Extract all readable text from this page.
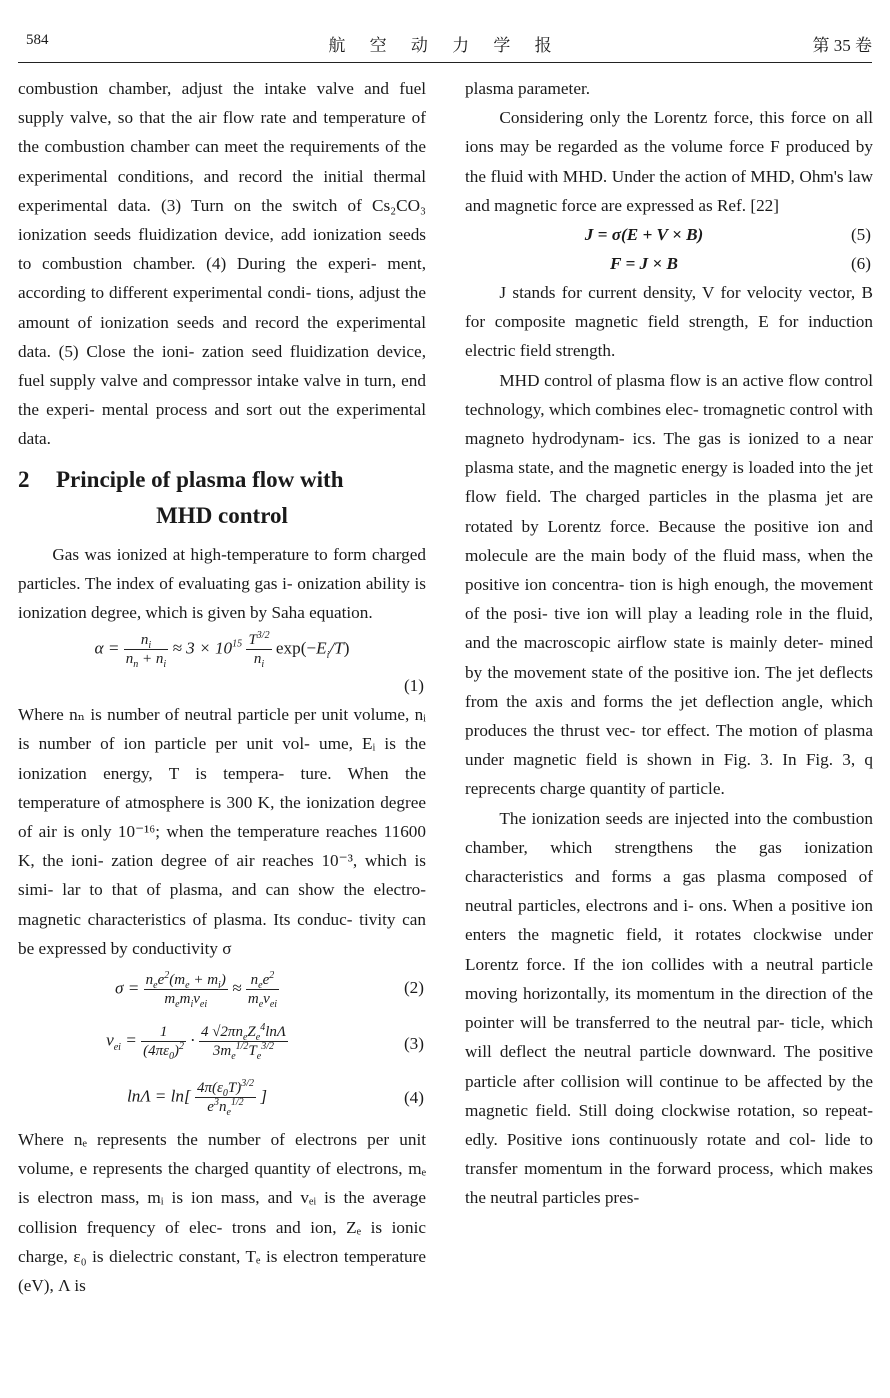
584	航 空 动 力 学 报	第 35 卷

combustion chamber, adjust the intake valve and fuel supply valve, so that the air flow rate and temperature of the combustion chamber can meet the requirements of the experimental conditions, and record the initial thermal experimental data. (3) Turn on the switch of Cs₂CO₃ ionization seeds fluidization device, add ionization seeds to combustion chamber. (4) During the experi- ment, according to different experimental condi- tions, adjust the amount of ionization seeds and record the experimental data. (5) Close the ioni- zation seed fluidization device, fuel supply valve and compressor intake valve in turn, end the experi- mental process and sort out the experimental data.

2	Principle of plasma flow with
MHD control

Gas was ionized at high-temperature to form charged particles. The index of evaluating gas i- onization ability is ionization degree, which is given by Saha equation.

$\alpha = \frac{n_i}{n_n + n_i} \approx 3 \times 10^{15} \frac{T^{3/2}}{n_i} \exp(-E_i/T)$
(1)

Where nₙ is number of neutral particle per unit volume, nᵢ is number of ion particle per unit vol- ume, Eᵢ is the ionization energy, T is tempera- ture. When the temperature of atmosphere is 300 K, the ionization degree of air is only 10⁻¹⁶; when the temperature reaches 11600 K, the ioni- zation degree of air reaches 10⁻³, which is simi- lar to that of plasma, and can show the electro- magnetic characteristics of plasma. Its conduc- tivity can be expressed by conductivity σ

$\sigma = \frac{n_ee^2(m_e + m_i)}{m_em_iv_{ei}} \approx \frac{n_ee^2}{m_ev_{ei}}$	(2)
$v_{ei} = \frac{1}{(4\pi\varepsilon_0)^2} \cdot \frac{4 √2\pi n_eZ_e^4\ln\Lambda}{3m_e^{1/2}T_e^{3/2}}$	(3)
$\ln\Lambda = \ln[ \frac{4\pi(\varepsilon_0T)^{3/2}}{e^3n_e^{1/2}}$ ]	(4)

Where nₑ represents the number of electrons per unit volume, e represents the charged quantity of electrons, mₑ is electron mass, mᵢ is ion mass, and vₑᵢ is the average collision frequency of elec- trons and ion, Zₑ is ionic charge, ε₀ is dielectric constant, Tₑ is electron temperature (eV), Λ is

plasma parameter.

Considering only the Lorentz force, this force on all ions may be regarded as the volume force F produced by the fluid with MHD. Under the action of MHD, Ohm's law and magnetic force are expressed as Ref. [22]

J = σ(E + V × B)	(5)
F = J × B	(6)

J stands for current density, V for velocity vector, B for composite magnetic field strength, E for induction electric field strength.

MHD control of plasma flow is an active flow control technology, which combines elec- tromagnetic control with magneto hydrodynam- ics. The gas is ionized to a near plasma state, and the magnetic energy is loaded into the jet flow field. The charged particles in the plasma jet are rotated by Lorentz force. Because the positive ion and molecule are the main body of the fluid mass, when the positive ion concentra- tion is high enough, the movement of the posi- tive ion will play a leading role in the fluid, and the macroscopic airflow state is mainly deter- mined by the movement state of the positive ion. The jet deflects from the axis and forms the jet deflection angle, which produces the thrust vec- tor effect. The motion of plasma under magnetic field is shown in Fig. 3. In Fig. 3, q reprecents charge quantity of particle.

The ionization seeds are injected into the combustion chamber, which strengthens the gas ionization characteristics and forms a gas plasma composed of neutral particles, electrons and i- ons. When a positive ion enters the magnetic field, it rotates clockwise under Lorentz force. If the ion collides with a neutral particle moving horizontally, its momentum in the direction of the pointer will be transferred to the neutral par- ticle, which will deflect the neutral particle downward. The positive particle after collision will continue to be affected by the magnetic field. Still doing clockwise rotation, so repeat- edly. Positive ions continuously rotate and col- lide to transfer momentum in the forward process, which makes the neutral particles pres-
